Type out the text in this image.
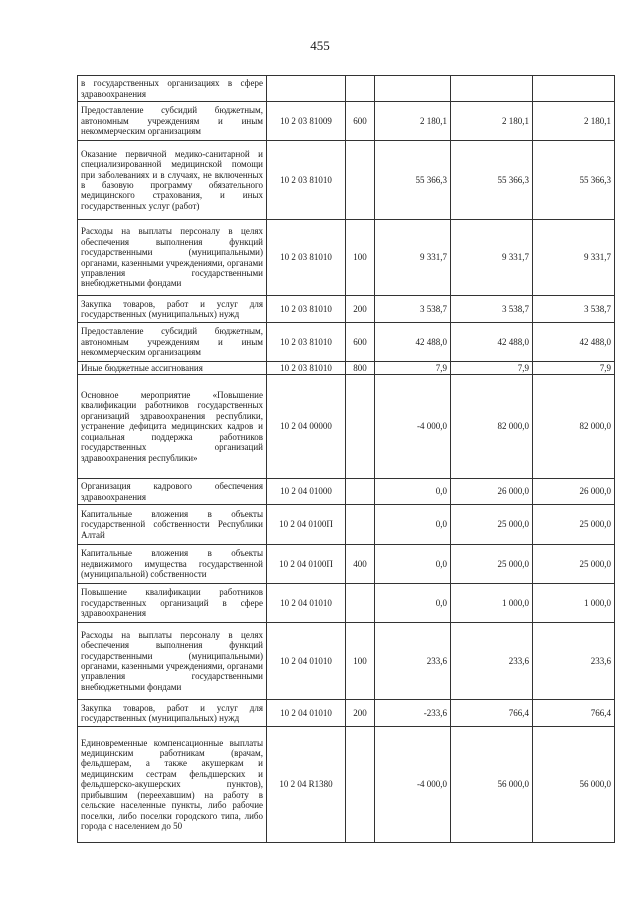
455
в государственных организациях в сфере здравоохранения					
Предоставление субсидий бюджетным, автономным учреждениям и иным некоммерческим организациям	10 2 03 81009	600	2 180,1	2 180,1	2 180,1
Оказание первичной медико-санитарной и специализированной медицинской помощи при заболеваниях и в случаях, не включенных в базовую программу обязательного медицинского страхования, и иных государственных услуг (работ)	10 2 03 81010		55 366,3	55 366,3	55 366,3
Расходы на выплаты персоналу в целях обеспечения выполнения функций государственными (муниципальными) органами, казенными учреждениями, органами управления государственными внебюджетными фондами	10 2 03 81010	100	9 331,7	9 331,7	9 331,7
Закупка товаров, работ и услуг для государственных (муниципальных) нужд	10 2 03 81010	200	3 538,7	3 538,7	3 538,7
Предоставление субсидий бюджетным, автономным учреждениям и иным некоммерческим организациям	10 2 03 81010	600	42 488,0	42 488,0	42 488,0
Иные бюджетные ассигнования	10 2 03 81010	800	7,9	7,9	7,9
Основное мероприятие «Повышение квалификации работников государственных организаций здравоохранения республики, устранение дефицита медицинских кадров и социальная поддержка работников государственных организаций здравоохранения республики»	10 2 04 00000		-4 000,0	82 000,0	82 000,0
Организация кадрового обеспечения здравоохранения	10 2 04 01000		0,0	26 000,0	26 000,0
Капитальные вложения в объекты государственной собственности Республики Алтай	10 2 04 0100П		0,0	25 000,0	25 000,0
Капитальные вложения в объекты недвижимого имущества государственной (муниципальной) собственности	10 2 04 0100П	400	0,0	25 000,0	25 000,0
Повышение квалификации работников государственных организаций в сфере здравоохранения	10 2 04 01010		0,0	1 000,0	1 000,0
Расходы на выплаты персоналу в целях обеспечения выполнения функций государственными (муниципальными) органами, казенными учреждениями, органами управления государственными внебюджетными фондами	10 2 04 01010	100	233,6	233,6	233,6
Закупка товаров, работ и услуг для государственных (муниципальных) нужд	10 2 04 01010	200	-233,6	766,4	766,4
Единовременные компенсационные выплаты медицинским работникам (врачам, фельдшерам, а также акушеркам и медицинским сестрам фельдшерских и фельдшерско-акушерских пунктов), прибывшим (переехавшим) на работу в сельские населенные пункты, либо рабочие поселки, либо поселки городского типа, либо города с населением до 50	10 2 04 R1380		-4 000,0	56 000,0	56 000,0
